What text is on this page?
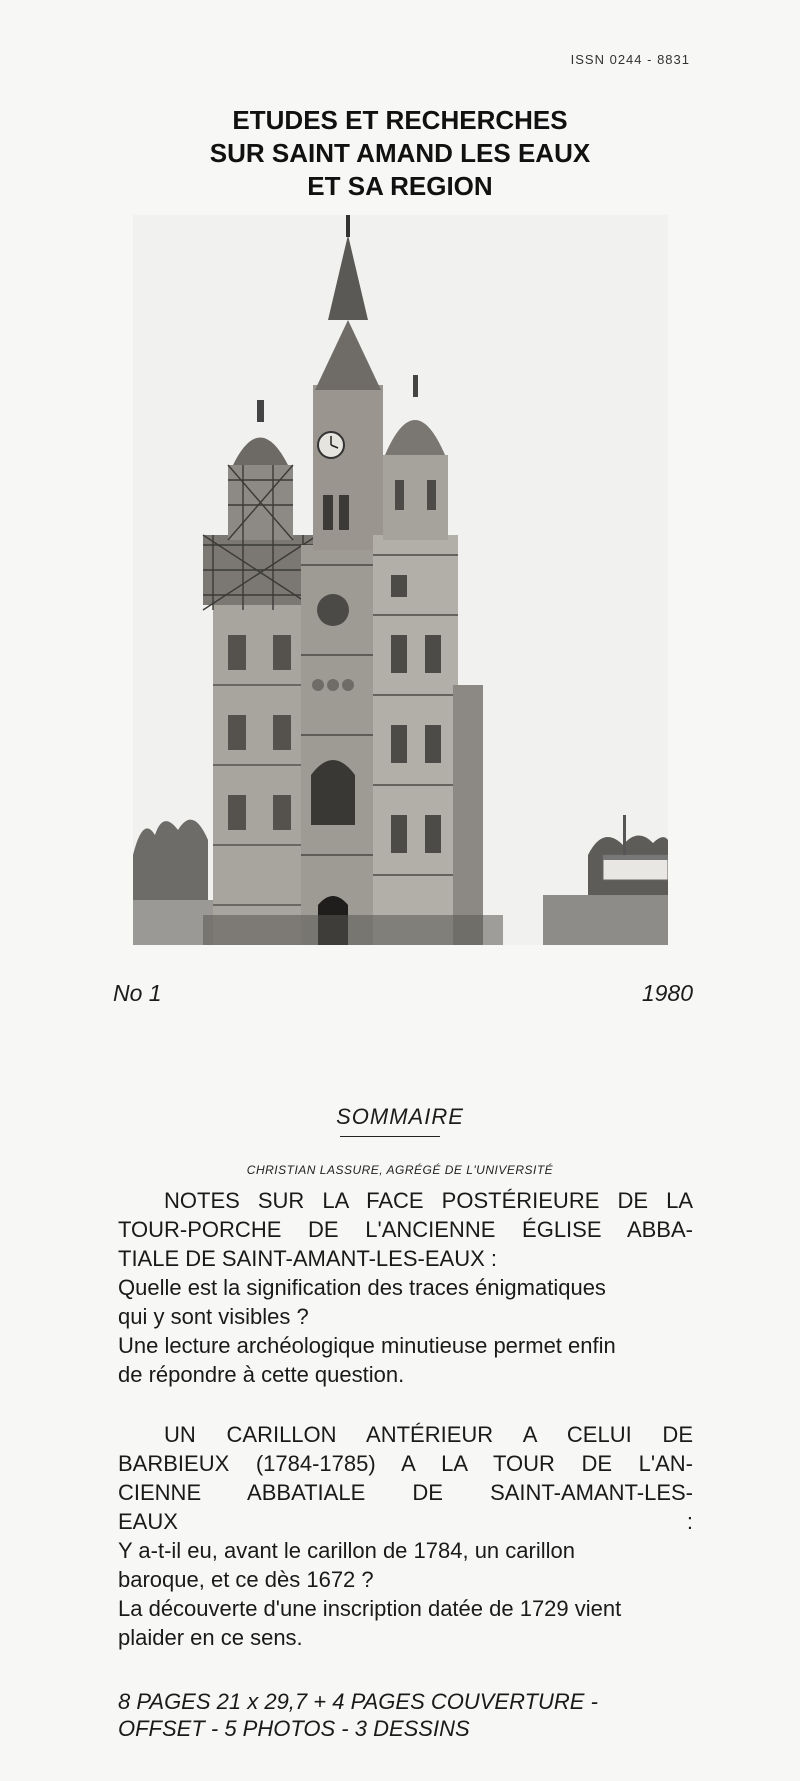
ISSN 0244 - 8831
ETUDES ET RECHERCHES
SUR SAINT AMAND LES EAUX
ET SA REGION
No 1	1980
SOMMAIRE
CHRISTIAN LASSURE, AGRÉGÉ DE L'UNIVERSITÉ
NOTES SUR LA FACE POSTÉRIEURE DE LA
TOUR-PORCHE DE L'ANCIENNE ÉGLISE ABBA-
TIALE DE SAINT-AMANT-LES-EAUX :
Quelle est la signification des traces énigmatiques
qui y sont visibles ?
Une lecture archéologique minutieuse permet enfin
de répondre à cette question.
UN CARILLON ANTÉRIEUR A CELUI DE
BARBIEUX (1784-1785) A LA TOUR DE L'AN-
CIENNE ABBATIALE DE SAINT-AMANT-LES-
EAUX :
Y a-t-il eu, avant le carillon de 1784, un carillon
baroque, et ce dès 1672 ?
La découverte d'une inscription datée de 1729 vient
plaider en ce sens.
8 PAGES 21 x 29,7 + 4 PAGES COUVERTURE -
OFFSET - 5 PHOTOS - 3 DESSINS
